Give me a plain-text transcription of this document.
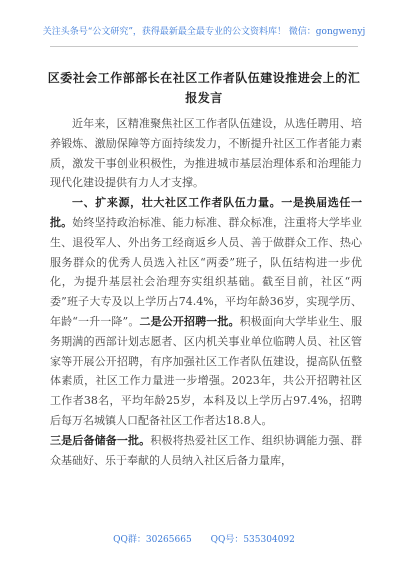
关注头条号“公文研究”，获得最新最全最专业的公文资料库！ 微信：gongwenyj
区委社会工作部部长在社区工作者队伍建设推进会上的汇报发言

近年来，区精准聚焦社区工作者队伍建设，从选任聘用、培养锻炼、激励保障等方面持续发力，不断提升社区工作者能力素质，激发干事创业积极性，为推进城市基层治理体系和治理能力现代化建设提供有力人才支撑。

一、扩来源，壮大社区工作者队伍力量。一是换届选任一批。始终坚持政治标准、能力标准、群众标准，注重将大学毕业生、退役军人、外出务工经商返乡人员、善于做群众工作、热心服务群众的优秀人员选入社区“两委”班子，队伍结构进一步优化，为提升基层社会治理夯实组织基础。截至目前，社区“两委”班子大专及以上学历占74.4%，平均年龄36岁，实现学历、年龄“一升一降”。二是公开招聘一批。积极面向大学毕业生、服务期满的西部计划志愿者、区内机关事业单位临聘人员、社区管家等开展公开招聘，有序加强社区工作者队伍建设，提高队伍整体素质，社区工作力量进一步增强。2023年，共公开招聘社区工作者38名，平均年龄25岁，本科及以上学历占97.4%，招聘后每万名城镇人口配备社区工作者达18.8人。

三是后备储备一批。积极将热爱社区工作、组织协调能力强、群众基础好、乐于奉献的人员纳入社区后备力量库，

QQ群：30265665 QQ号：535304092
